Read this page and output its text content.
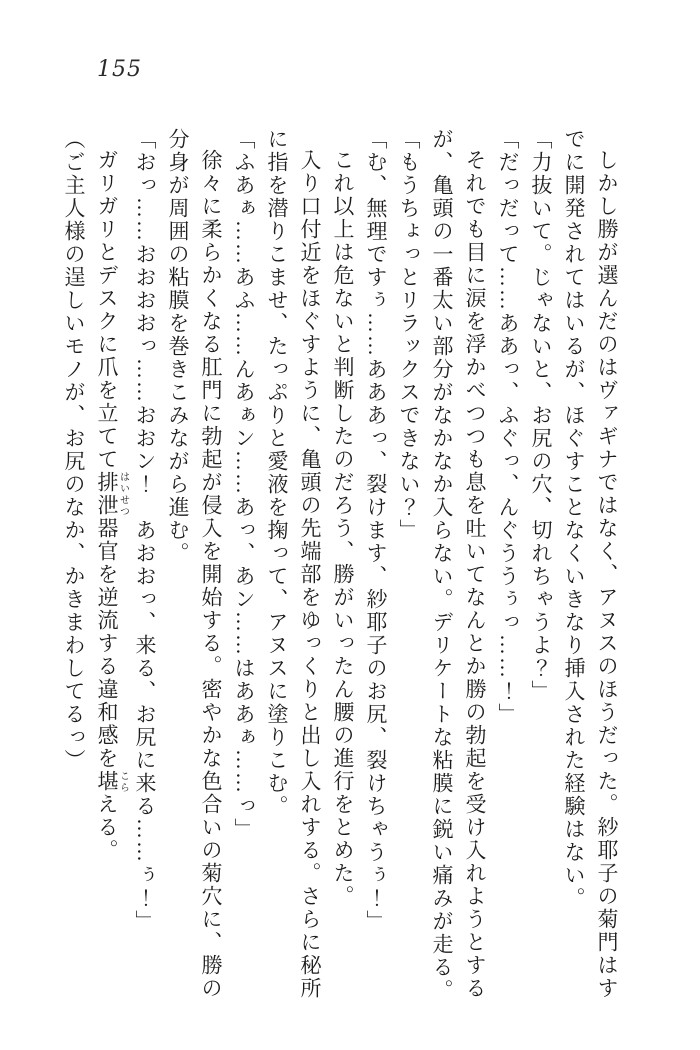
155

しかし勝が選んだのはヴァギナではなく、アヌスのほうだった。紗耶子の菊門はす

でに開発されてはいるが、ほぐすことなくいきなり挿入された経験はない。

「力抜いて。じゃないと、お尻の穴、切れちゃうよ？」

「だっだって……ああっ、ふぐっ、んぐううぅっ……！」

それでも目に涙を浮かべつつも息を吐いてなんとか勝の勃起を受け入れようとする

が、亀頭の一番太い部分がなかなか入らない。デリケートな粘膜に鋭い痛みが走る。

「もうちょっとリラックスできない？」

「む、無理ですぅ……あああっ、裂けます、紗耶子のお尻、裂けちゃうぅ！」

これ以上は危ないと判断したのだろう、勝がいったん腰の進行をとめた。

入り口付近をほぐすように、亀頭の先端部をゆっくりと出し入れする。さらに秘所

に指を潜りこませ、たっぷりと愛液を掬って、アヌスに塗りこむ。

「ふあぁ……あふ……んあぁン……あっ、あン……はああぁ……っ」

徐々に柔らかくなる肛門に勃起が侵入を開始する。密やかな色合いの菊穴に、勝の

分身が周囲の粘膜を巻きこみながら進む。

「おっ……おおおおっ……おおン！　あおおっ、来る、お尻に来る……ぅ！」

ガリガリとデスクに爪を立てて排泄はいせつ器官を逆流する違和感を堪こらえる。

（ご主人様の逞しいモノが、お尻のなか、かきまわしてるっ）
